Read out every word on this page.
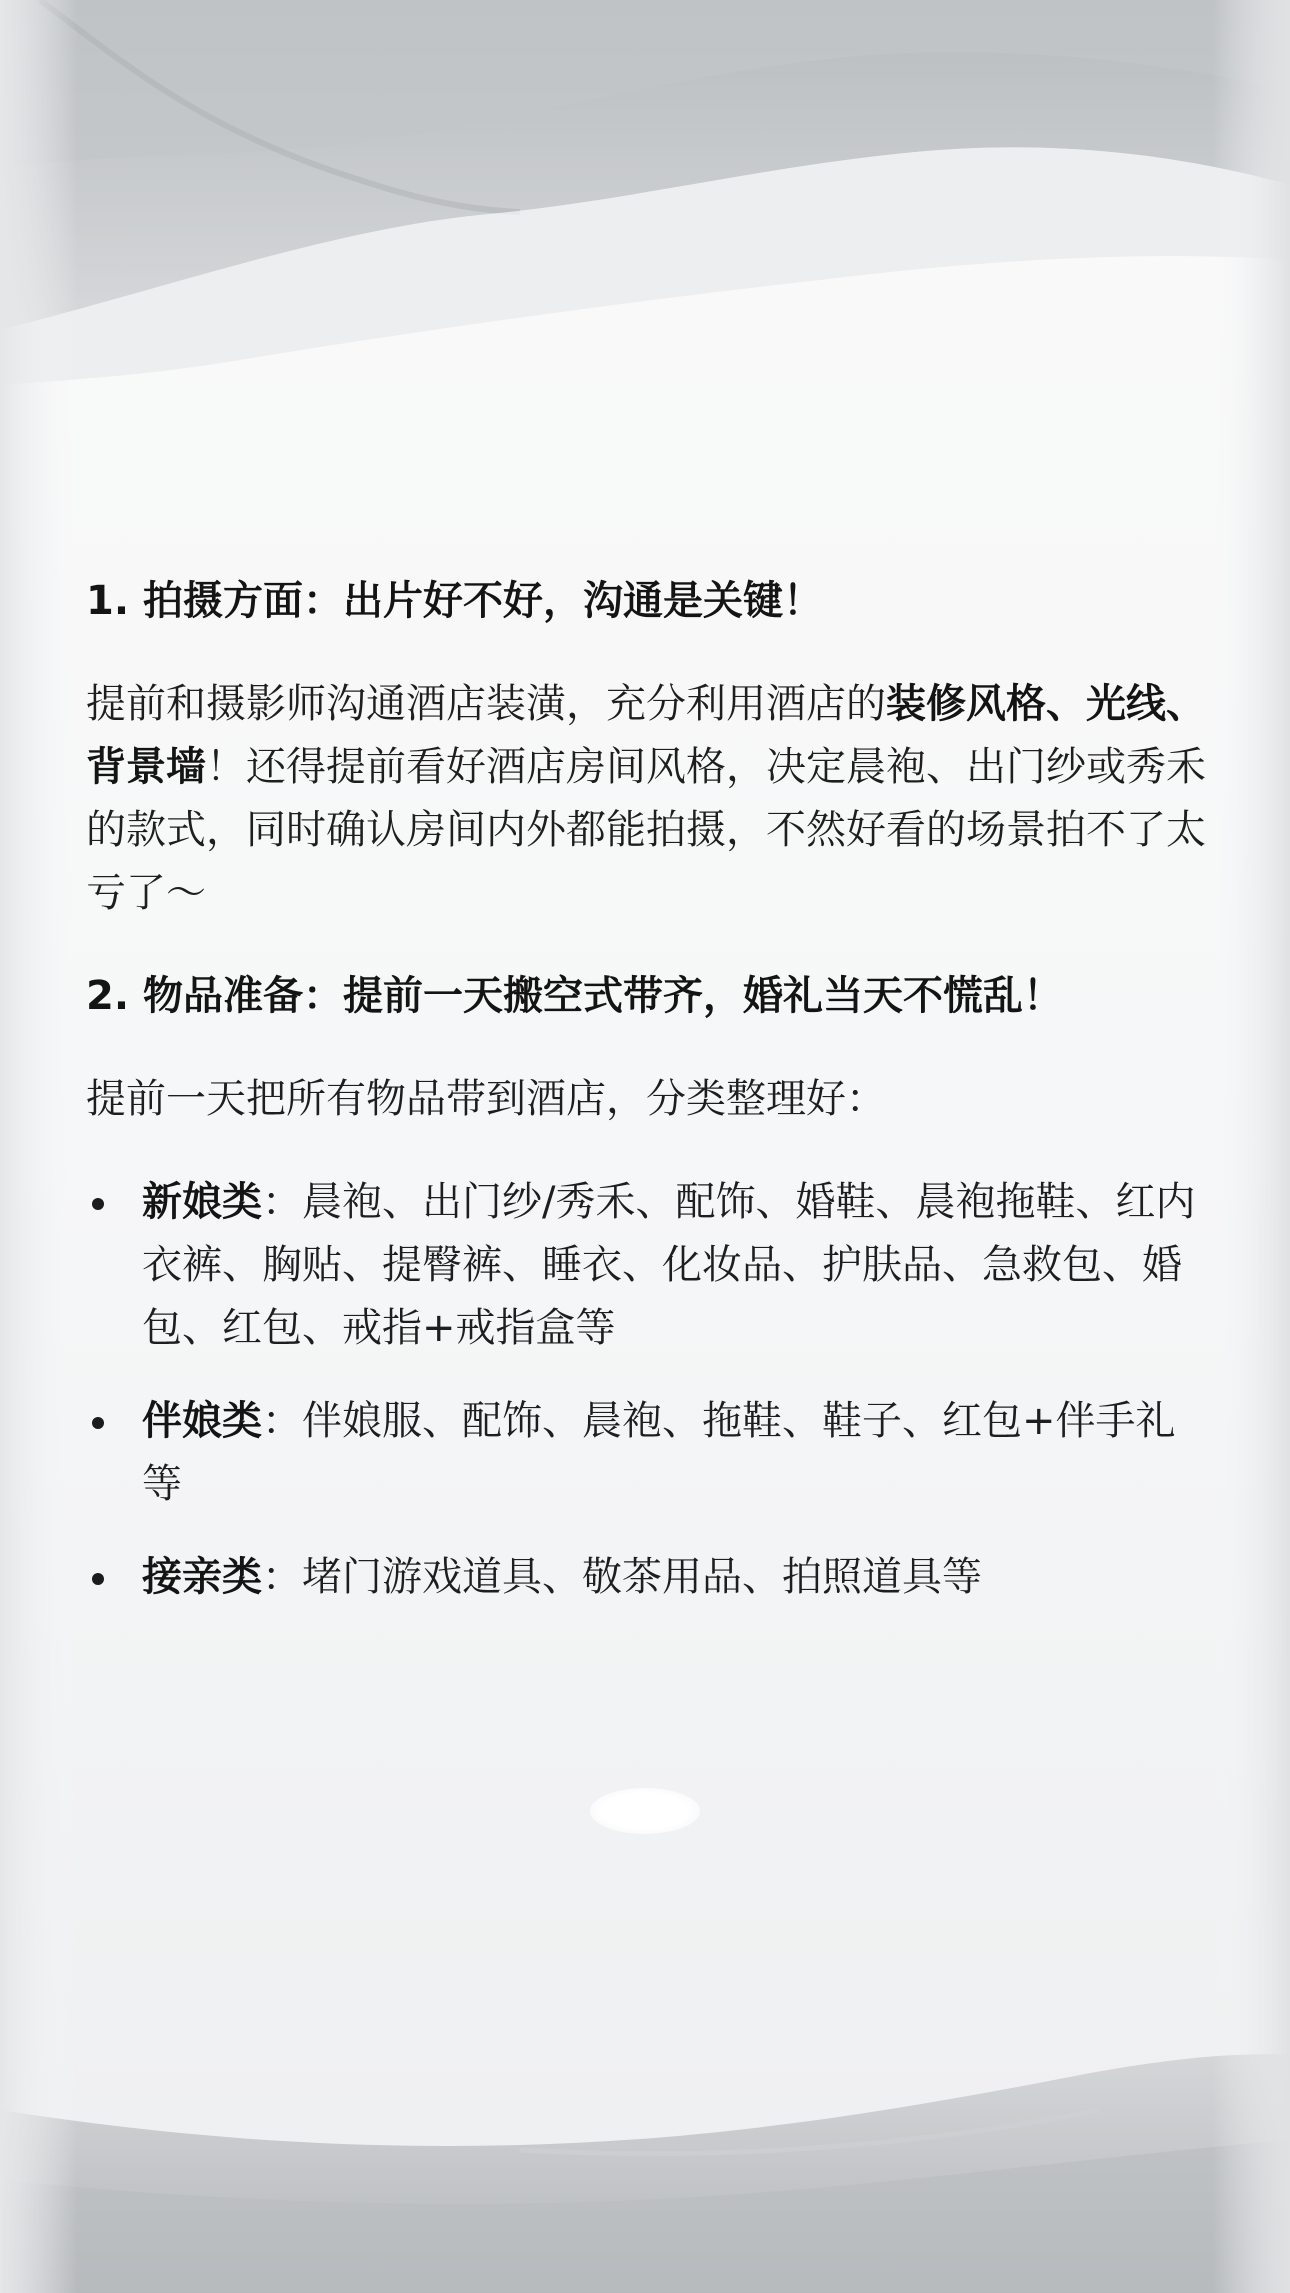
1. 拍摄方面：出片好不好，沟通是关键！
提前和摄影师沟通酒店装潢，充分利用酒店的装修风格、光线、背景墙！还得提前看好酒店房间风格，决定晨袍、出门纱或秀禾的款式，同时确认房间内外都能拍摄，不然好看的场景拍不了太亏了～
2. 物品准备：提前一天搬空式带齐，婚礼当天不慌乱！
提前一天把所有物品带到酒店，分类整理好：
新娘类：晨袍、出门纱/秀禾、配饰、婚鞋、晨袍拖鞋、红内衣裤、胸贴、提臀裤、睡衣、化妆品、护肤品、急救包、婚包、红包、戒指+戒指盒等
伴娘类：伴娘服、配饰、晨袍、拖鞋、鞋子、红包+伴手礼等
接亲类：堵门游戏道具、敬茶用品、拍照道具等
